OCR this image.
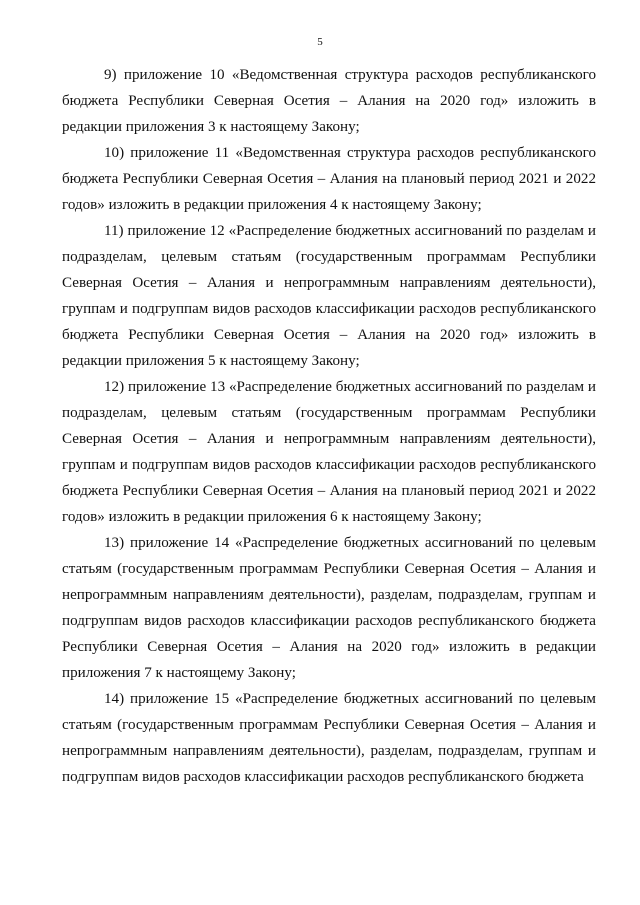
5

9) приложение 10 «Ведомственная структура расходов республиканского бюджета Республики Северная Осетия – Алания на 2020 год» изложить в редакции приложения 3 к настоящему Закону;

10) приложение 11 «Ведомственная структура расходов республиканского бюджета Республики Северная Осетия – Алания на плановый период 2021 и 2022 годов» изложить в редакции приложения 4 к настоящему Закону;

11) приложение 12 «Распределение бюджетных ассигнований по разделам и подразделам, целевым статьям (государственным программам Республики Северная Осетия – Алания и непрограммным направлениям деятельности), группам и подгруппам видов расходов классификации расходов республиканского бюджета Республики Северная Осетия – Алания на 2020 год» изложить в редакции приложения 5 к настоящему Закону;

12) приложение 13 «Распределение бюджетных ассигнований по разделам и подразделам, целевым статьям (государственным программам Республики Северная Осетия – Алания и непрограммным направлениям деятельности), группам и подгруппам видов расходов классификации расходов республиканского бюджета Республики Северная Осетия – Алания на плановый период 2021 и 2022 годов» изложить в редакции приложения 6 к настоящему Закону;

13) приложение 14 «Распределение бюджетных ассигнований по целевым статьям (государственным программам Республики Северная Осетия – Алания и непрограммным направлениям деятельности), разделам, подразделам, группам и подгруппам видов расходов классификации расходов республиканского бюджета Республики Северная Осетия – Алания на 2020 год» изложить в редакции приложения 7 к настоящему Закону;

14) приложение 15 «Распределение бюджетных ассигнований по целевым статьям (государственным программам Республики Северная Осетия – Алания и непрограммным направлениям деятельности), разделам, подразделам, группам и подгруппам видов расходов классификации расходов республиканского бюджета
